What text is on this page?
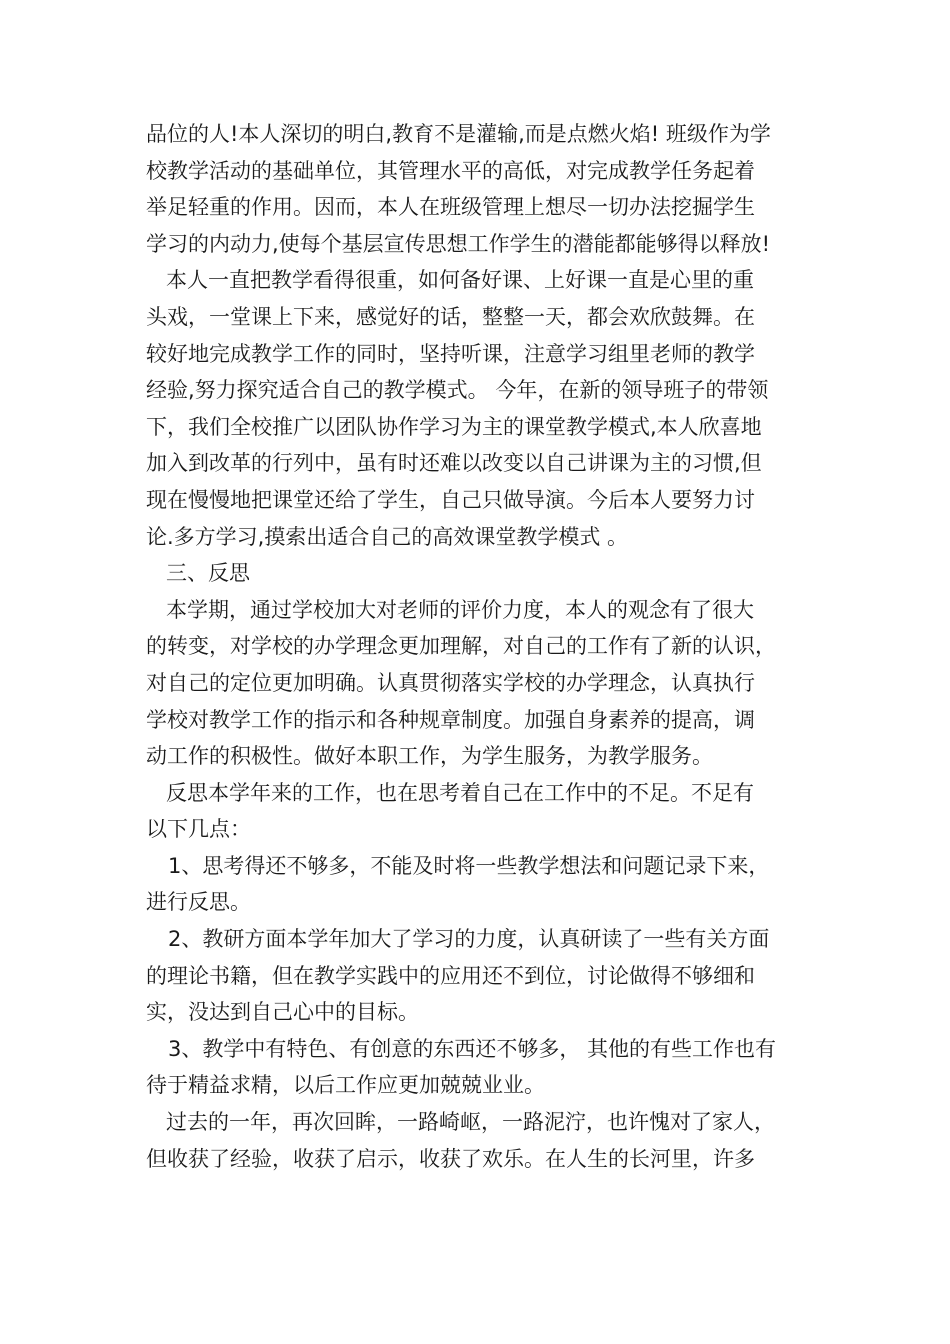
品位的人!本人深切的明白,教育不是灌输,而是点燃火焰! 班级作为学
校教学活动的基础单位，其管理水平的高低，对完成教学任务起着
举足轻重的作用。因而，本人在班级管理上想尽一切办法挖掘学生
学习的内动力,使每个基层宣传思想工作学生的潜能都能够得以释放!
本人一直把教学看得很重，如何备好课、上好课一直是心里的重
头戏，一堂课上下来，感觉好的话，整整一天，都会欢欣鼓舞。在
较好地完成教学工作的同时，坚持听课，注意学习组里老师的教学
经验,努力探究适合自己的教学模式。 今年，在新的领导班子的带领
下，我们全校推广以团队协作学习为主的课堂教学模式,本人欣喜地
加入到改革的行列中，虽有时还难以改变以自己讲课为主的习惯,但
现在慢慢地把课堂还给了学生，自己只做导演。今后本人要努力讨
论.多方学习,摸索出适合自己的高效课堂教学模式 。
三、反思
本学期，通过学校加大对老师的评价力度，本人的观念有了很大
的转变，对学校的办学理念更加理解，对自己的工作有了新的认识，
对自己的定位更加明确。认真贯彻落实学校的办学理念，认真执行
学校对教学工作的指示和各种规章制度。加强自身素养的提高，调
动工作的积极性。做好本职工作，为学生服务，为教学服务。
反思本学年来的工作，也在思考着自己在工作中的不足。不足有
以下几点：
1、思考得还不够多，不能及时将一些教学想法和问题记录下来，
进行反思。
2、教研方面本学年加大了学习的力度，认真研读了一些有关方面
的理论书籍，但在教学实践中的应用还不到位，讨论做得不够细和
实，没达到自己心中的目标。
3、教学中有特色、有创意的东西还不够多， 其他的有些工作也有
待于精益求精，以后工作应更加兢兢业业。
过去的一年，再次回眸，一路崎岖，一路泥泞，也许愧对了家人，
但收获了经验，收获了启示，收获了欢乐。在人生的长河里，许多
